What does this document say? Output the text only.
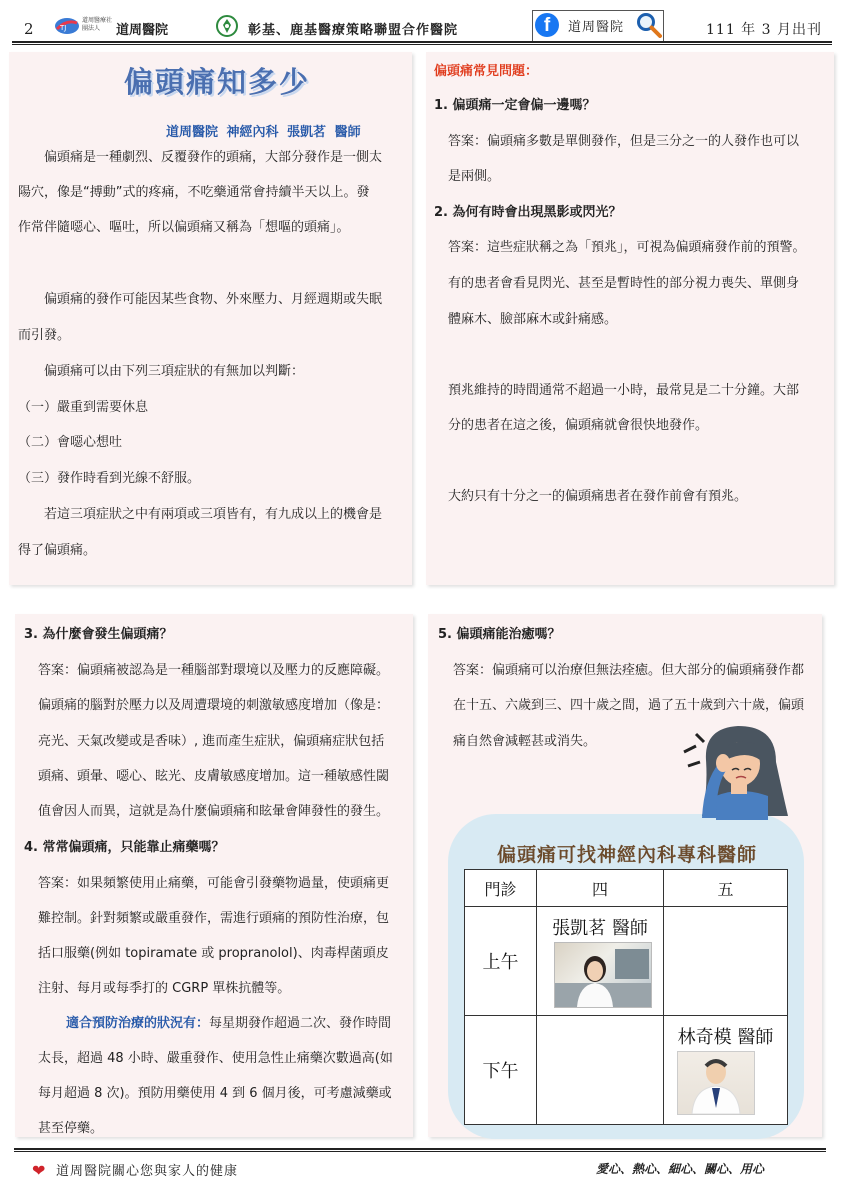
2	TJ
道周醫療社團法人	道周醫院	彰基、鹿基醫療策略聯盟合作醫院	f	道周醫院	111 年 3 月出刊
偏頭痛知多少
道周醫院 神經內科 張凱茗 醫師
偏頭痛是一種劇烈、反覆發作的頭痛，大部分發作是一側太
陽穴，像是“搏動”式的疼痛，不吃藥通常會持續半天以上。發
作常伴隨噁心、嘔吐，所以偏頭痛又稱為「想嘔的頭痛」。
偏頭痛的發作可能因某些食物、外來壓力、月經週期或失眠
而引發。
偏頭痛可以由下列三項症狀的有無加以判斷：
（一）嚴重到需要休息
（二）會噁心想吐
（三）發作時看到光線不舒服。
若這三項症狀之中有兩項或三項皆有，有九成以上的機會是
得了偏頭痛。
偏頭痛常見問題：
1. 偏頭痛一定會偏一邊嗎？
答案：偏頭痛多數是單側發作，但是三分之一的人發作也可以
是兩側。
2. 為何有時會出現黑影或閃光？
答案：這些症狀稱之為「預兆」，可視為偏頭痛發作前的預警。
有的患者會看見閃光、甚至是暫時性的部分視力喪失、單側身
體麻木、臉部麻木或針痛感。
預兆維持的時間通常不超過一小時，最常見是二十分鐘。大部
分的患者在這之後，偏頭痛就會很快地發作。
大約只有十分之一的偏頭痛患者在發作前會有預兆。
3. 為什麼會發生偏頭痛？
答案：偏頭痛被認為是一種腦部對環境以及壓力的反應障礙。
偏頭痛的腦對於壓力以及周遭環境的刺激敏感度增加（像是：
亮光、天氣改變或是香味）, 進而產生症狀，偏頭痛症狀包括
頭痛、頭暈、噁心、眩光、皮膚敏感度增加。這一種敏感性閾
值會因人而異，這就是為什麼偏頭痛和眩暈會陣發性的發生。
4. 常常偏頭痛，只能靠止痛藥嗎？
答案：如果頻繁使用止痛藥，可能會引發藥物過量，使頭痛更
難控制。針對頻繁或嚴重發作，需進行頭痛的預防性治療，包
括口服藥(例如 topiramate 或 propranolol)、肉毒桿菌頭皮
注射、每月或每季打的 CGRP 單株抗體等。
適合預防治療的狀況有：每星期發作超過二次、發作時間
太長，超過 48 小時、嚴重發作、使用急性止痛藥次數過高(如
每月超過 8 次)。預防用藥使用 4 到 6 個月後，可考慮減藥或
甚至停藥。
5. 偏頭痛能治癒嗎？
答案：偏頭痛可以治療但無法痊癒。但大部分的偏頭痛發作都
在十五、六歲到三、四十歲之間，過了五十歲到六十歲，偏頭
痛自然會減輕甚或消失。
偏頭痛可找神經內科專科醫師
門診	四	五
上午	張凱茗 醫師	

下午		林奇模 醫師
❤ 道周醫院關心您與家人的健康	愛心、熱心、細心、關心、用心
